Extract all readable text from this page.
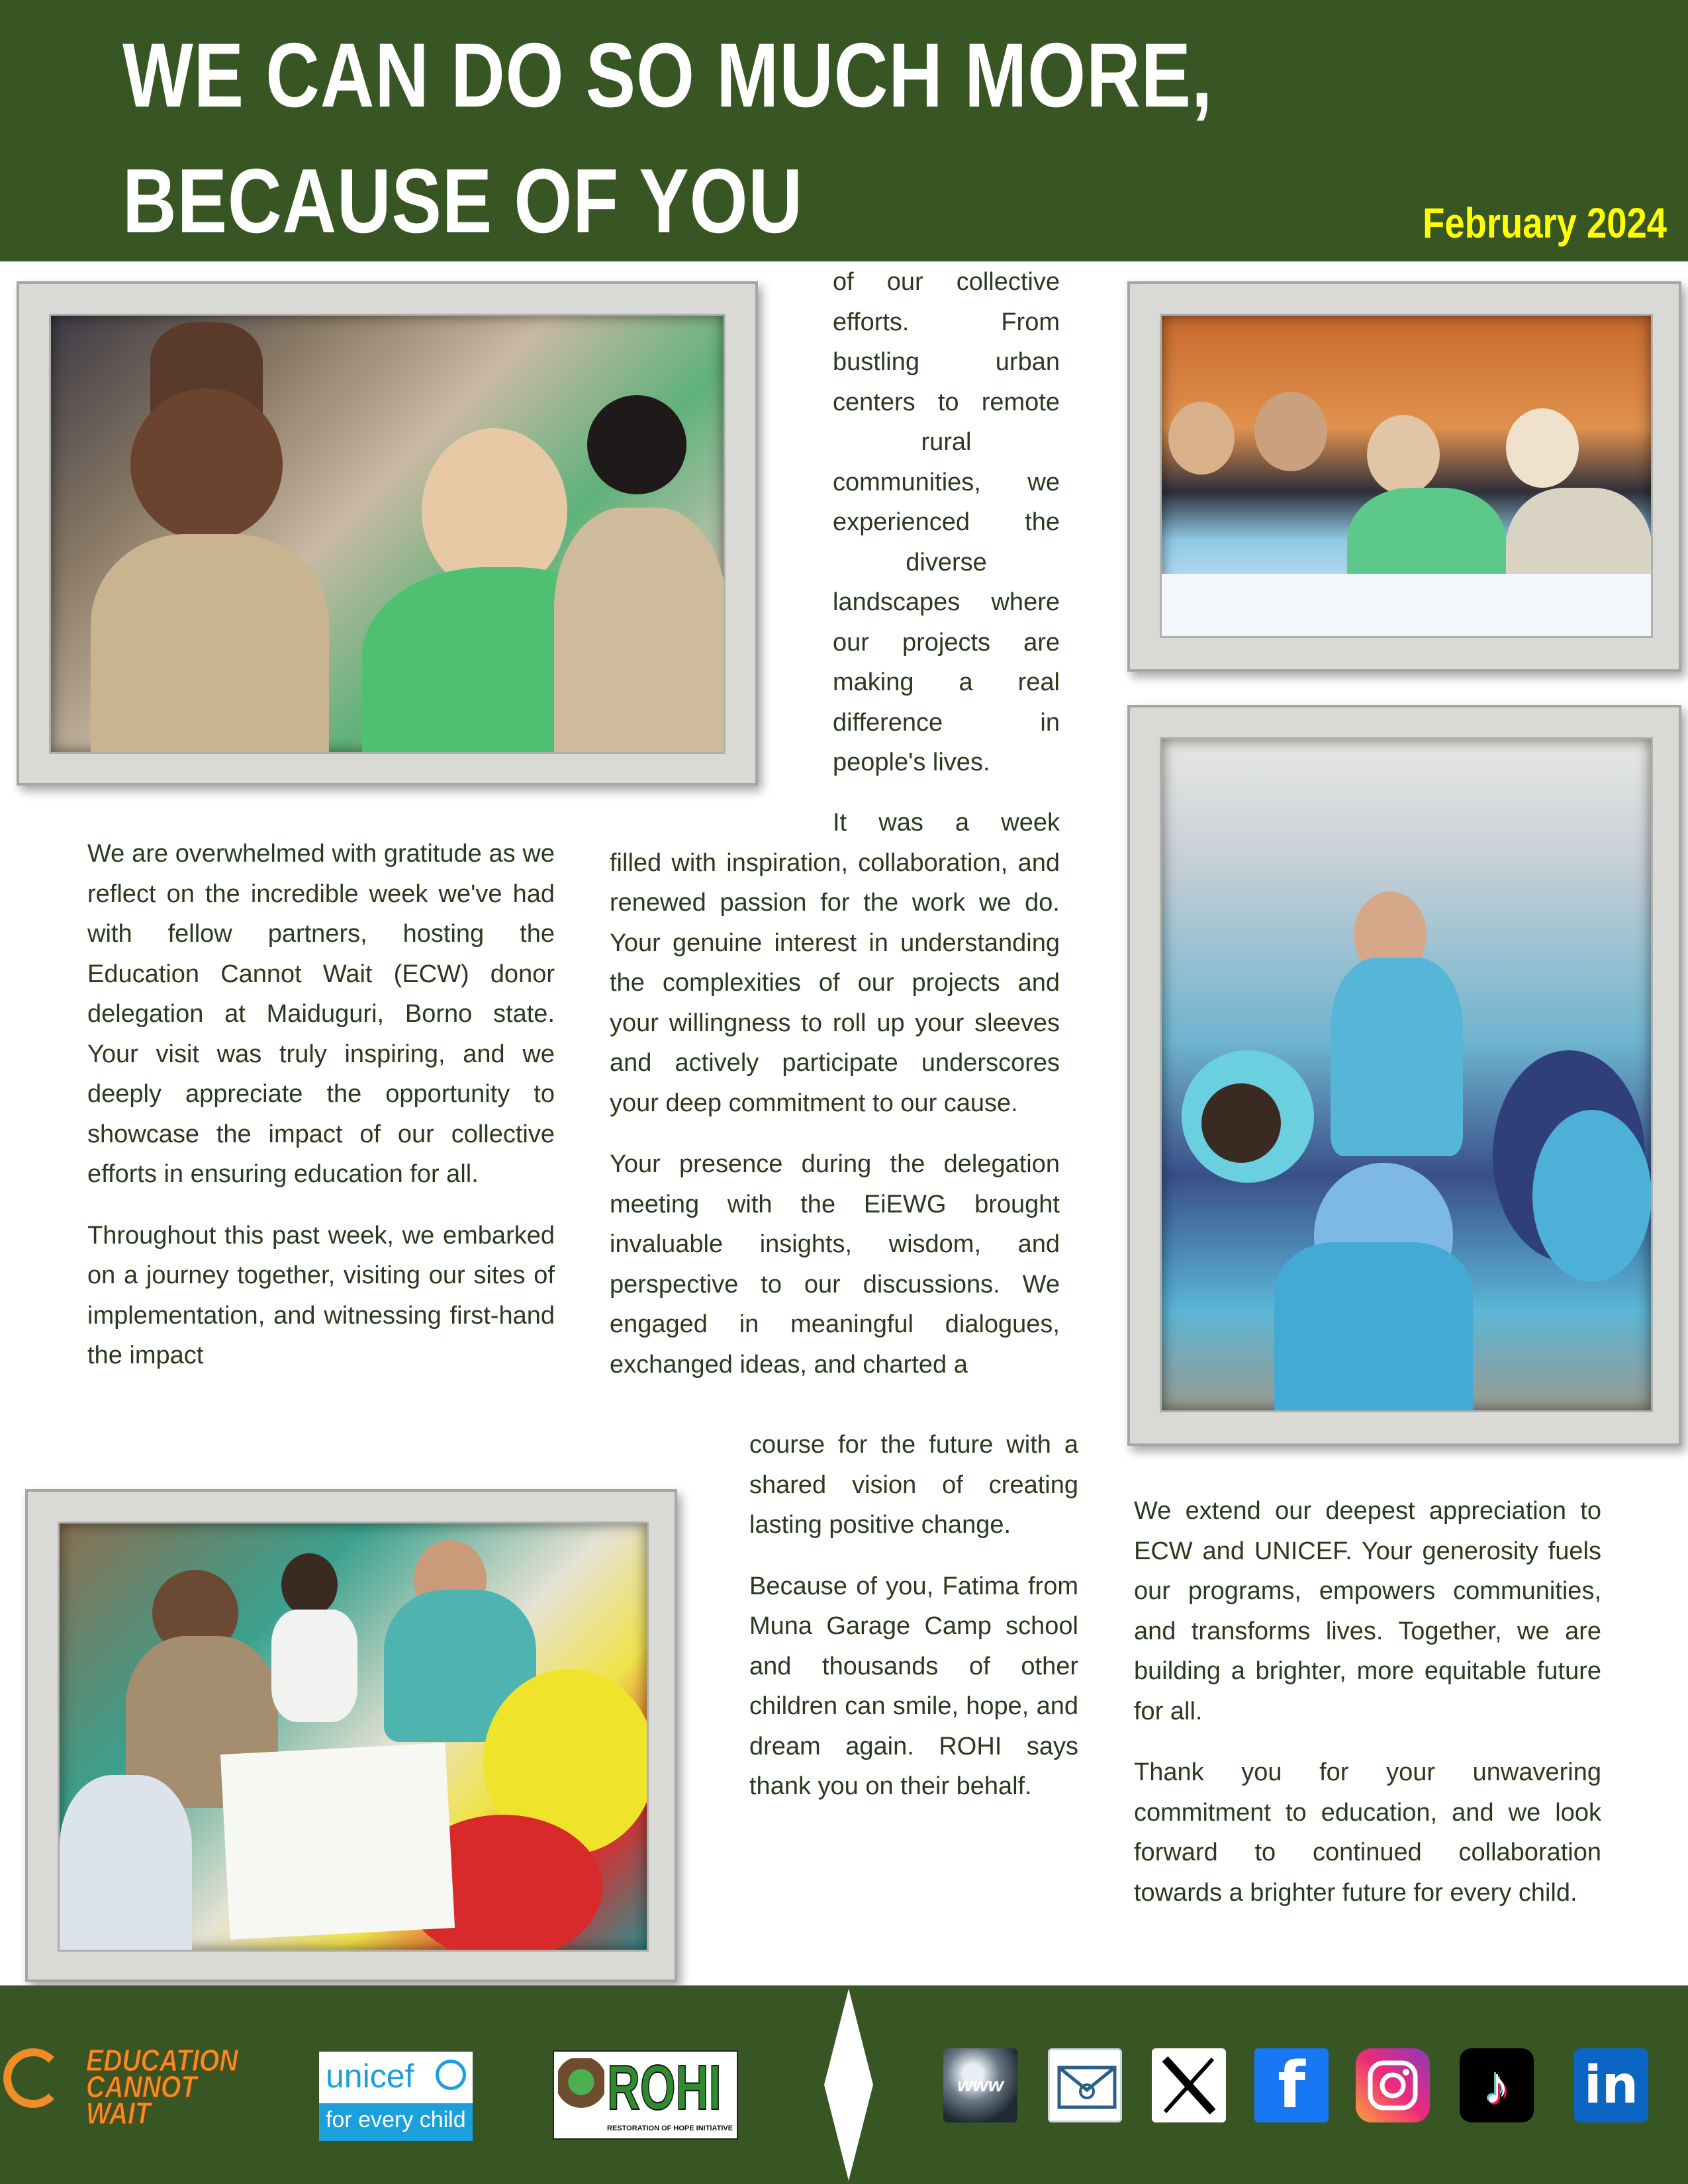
WE CAN DO SO MUCH MORE,
BECAUSE OF YOU	February 2024
of our collective
efforts. From
bustling urban
centers to remote
rural
communities, we
experienced the
diverse
landscapes where
our projects are
making a real
difference in
people's lives.

We are overwhelmed with gratitude as we reflect on the incredible week we've had with fellow partners, hosting the Education Cannot Wait (ECW) donor delegation at Maiduguri, Borno state. Your visit was truly inspiring, and we deeply appreciate the opportunity to showcase the impact of our collective efforts in ensuring education for all.

Throughout this past week, we embarked on a journey together, visiting our sites of implementation, and witnessing first-hand the impact

It was a week

filled with inspiration, collaboration, and renewed passion for the work we do. Your genuine interest in understanding the complexities of our projects and your willingness to roll up your sleeves and actively participate underscores your deep commitment to our cause.

Your presence during the delegation meeting with the EiEWG brought invaluable insights, wisdom, and perspective to our discussions. We engaged in meaningful dialogues, exchanged ideas, and charted a

course for the future with a shared vision of creating lasting positive change.

Because of you, Fatima from Muna Garage Camp school and thousands of other children can smile, hope, and dream again. ROHI says thank you on their behalf.

We extend our deepest appreciation to ECW and UNICEF. Your generosity fuels our programs, empowers communities, and transforms lives. Together, we are building a brighter, more equitable future for all.

Thank you for your unwavering commitment to education, and we look forward to continued collaboration towards a brighter future for every child.

EDUCATION CANNOT WAIT
unicef
for every child ROHI
RESTORATION OF HOPE INITIATIVE
www	f	♪	in
